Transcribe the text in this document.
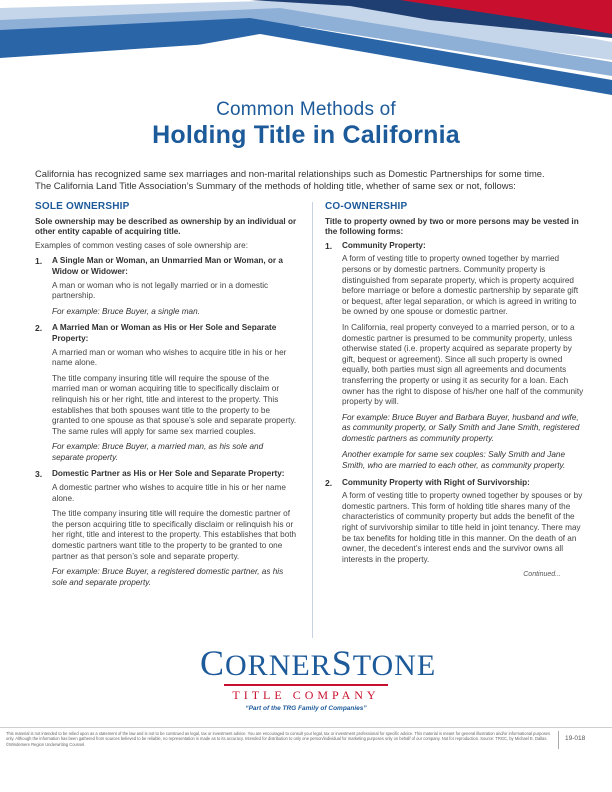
Common Methods of
Holding Title in California

California has recognized same sex marriages and non-marital relationships such as Domestic Partnerships for some time.

The California Land Title Association’s Summary of the methods of holding title, whether of same sex or not, follows:

SOLE OWNERSHIP

Sole ownership may be described as ownership by an individual or other entity capable of acquiring title.

Examples of common vesting cases of sole ownership are:

1.	A Single Man or Woman, an Unmarried Man or Woman, or a Widow or Widower:

A man or woman who is not legally married or in a domestic partnership.

For example: Bruce Buyer, a single man.

2.	A Married Man or Woman as His or Her Sole and Separate Property:

A married man or woman who wishes to acquire title in his or her name alone.

The title company insuring title will require the spouse of the married man or woman acquiring title to specifically disclaim or relinquish his or her right, title and interest to the property. This establishes that both spouses want title to the property to be granted to one spouse as that spouse’s sole and separate property. The same rules will apply for same sex married couples.

For example: Bruce Buyer, a married man, as his sole and separate property.

3.	Domestic Partner as His or Her Sole and Separate Property:

A domestic partner who wishes to acquire title in his or her name alone.

The title company insuring title will require the domestic partner of the person acquiring title to specifically disclaim or relinquish his or her right, title and interest to the property. This establishes that both domestic partners want title to the property to be granted to one partner as that person’s sole and separate property.

For example: Bruce Buyer, a registered domestic partner, as his sole and separate property.

CO-OWNERSHIP

Title to property owned by two or more persons may be vested in the following forms:

1.	Community Property:

A form of vesting title to property owned together by married persons or by domestic partners. Community property is distinguished from separate property, which is property acquired before marriage or before a domestic partnership by separate gift or bequest, after legal separation, or which is agreed in writing to be owned by one spouse or domestic partner.

In California, real property conveyed to a married person, or to a domestic partner is presumed to be community property, unless otherwise stated (i.e. property acquired as separate property by gift, bequest or agreement). Since all such property is owned equally, both parties must sign all agreements and documents transferring the property or using it as security for a loan. Each owner has the right to dispose of his/her one half of the community property by will.

For example: Bruce Buyer and Barbara Buyer, husband and wife, as community property, or Sally Smith and Jane Smith, registered domestic partners as community property.

Another example for same sex couples: Sally Smith and Jane Smith, who are married to each other, as community property.

2.	Community Property with Right of Survivorship:

A form of vesting title to property owned together by spouses or by domestic partners. This form of holding title shares many of the characteristics of community property but adds the benefit of the right of survivorship similar to title held in joint tenancy. There may be tax benefits for holding title in this manner. On the death of an owner, the decedent’s interest ends and the survivor owns all interests in the property.

Continued...

CORNERSTONE
TITLE COMPANY
“Part of the TRG Family of Companies”
This material is not intended to be relied upon as a statement of the law and is not to be construed as legal, tax or investment advice. You are encouraged to consult your legal, tax or investment professional for specific advice. This material is meant for general illustration and/or informational purposes only. Although the information has been gathered from sources believed to be reliable, no representation is made as to its accuracy. Intended for distribution to only one person/individual for marketing purposes only on behalf of our company. Not for reproduction. Source: TRGC, by Michael E. Dallas. ©Windemere Region Underwriting Counsel.
19-018
